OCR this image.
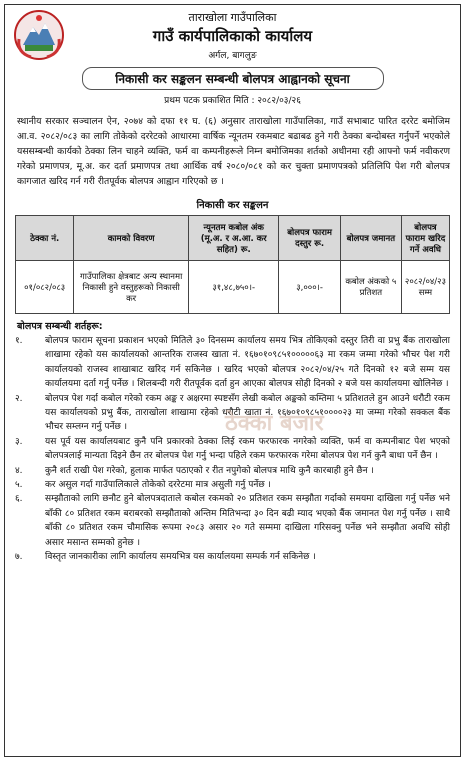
ताराखोला गाउँपालिका
गाउँ कार्यपालिकाको कार्यालय
अर्गल, बागलुङ
निकासी कर सङ्कलन सम्बन्धी बोलपत्र आह्वानको सूचना
प्रथम पटक प्रकाशित मिति : २०८२/०३/२६
स्थानीय सरकार सञ्चालन ऐन, २०७४ को दफा ११ घ. (६) अनुसार ताराखोला गाउँपालिका, गाउँ सभाबाट पारित दररेट बमोजिम आ.व. २०८२/०८३ का लागि तोकेको दररेटको आधारमा वार्षिक न्यूनतम रकमबाट बढाबढ हुने गरी ठेक्का बन्दोबस्त गर्नुपर्ने भएकोले यससम्बन्धी कार्यको ठेक्का लिन चाहने व्यक्ति, फर्म वा कम्पनीहरूले निम्न बमोजिमका शर्तको अधीनमा रही आफ्नो फर्म नवीकरण गरेको प्रमाणपत्र, मू.अ. कर दर्ता प्रमाणपत्र तथा आर्थिक वर्ष २०८०/०८१ को कर चुक्ता प्रमाणपत्रको प्रतिलिपि पेश गरी बोलपत्र कागजात खरिद गर्न गरी रीतपूर्वक बोलपत्र आह्वान गरिएको छ ।
निकासी कर सङ्कलन
ठेक्का नं.	कामको विवरण	न्यूनतम कबोल अंक (मू.अ. र अ.आ. कर सहित) रू.	बोलपत्र फाराम दस्तुर रू.	बोलपत्र जमानत	बोलपत्र फाराम खरिद गर्ने अवधि
०१/०८२/०८३	गाउँपालिका क्षेत्रबाट अन्य स्थानमा निकासी हुने वस्तुहरूको निकासी कर	३१,४८,७५०।-	३,०००।-	कबोल अंकको ५ प्रतिशत	२०८२/०४/२३ सम्म
ठेक्का बजार
बोलपत्र सम्बन्धी शर्तहरू:
१.	बोलपत्र फाराम सूचना प्रकाशन भएको मितिले ३० दिनसम्म कार्यालय समय भित्र तोकिएको दस्तुर तिरी वा प्रभु बैंक ताराखोला शाखामा रहेको यस कार्यालयको आन्तरिक राजस्व खाता नं. १६७०१०९८५१०००००६३ मा रकम जम्मा गरेको भौचर पेश गरी कार्यालयको राजस्व शाखाबाट खरिद गर्न सकिनेछ । खरिद भएको बोलपत्र २०८२/०४/२५ गते दिनको १२ बजे सम्म यस कार्यालयमा दर्ता गर्नु पर्नेछ । शिलबन्दी गरी रीतपूर्वक दर्ता हुन आएका बोलपत्र सोही दिनको २ बजे यस कार्यालयमा खोलिनेछ ।
२.	बोलपत्र पेश गर्दा कबोल गरेको रकम अङ्क र अक्षरमा स्पष्टसँग लेखी कबोल अङ्कको कम्तिमा ५ प्रतिशतले हुन आउने धरौटी रकम यस कार्यालयको प्रभु बैंक, ताराखोला शाखामा रहेको धरौटी खाता नं. १६७०१०९८५१००००२३ मा जम्मा गरेको सक्कल बैंक भौचर सम्लग्न गर्नु पर्नेछ ।
३.	यस पूर्व यस कार्यालयबाट कुनै पनि प्रकारको ठेक्का लिई रकम फरफारक नगरेको व्यक्ति, फर्म वा कम्पनीबाट पेश भएको बोलपत्रलाई मान्यता दिइने छैन तर बोलपत्र पेश गर्नु भन्दा पहिले रकम फरफारक गरेमा बोलपत्र पेश गर्न कुनै बाधा पर्ने छैन ।
४.	कुनै शर्त राखी पेश गरेको, हुलाक मार्फत पठाएको र रीत नपुगेको बोलपत्र माथि कुनै कारबाही हुने छैन ।
५.	कर असुल गर्दा गाउँपालिकाले तोकेको दररेटमा मात्र असुली गर्नु पर्नेछ ।
६.	सम्झौताको लागि छनौट हुने बोलपत्रदाताले कबोल रकमको २० प्रतिशत रकम सम्झौता गर्दाको समयमा दाखिला गर्नु पर्नेछ भने बाँकी ८० प्रतिशत रकम बराबरको सम्झौताको अन्तिम मितिभन्दा ३० दिन बढी म्याद भएको बैंक जमानत पेश गर्नु पर्नेछ । साथै बाँकी ८० प्रतिशत रकम चौमासिक रूपमा २०८३ असार २० गते सम्ममा दाखिला गरिसक्नु पर्नेछ भने सम्झौता अवधि सोही असार मसान्त सम्मको हुनेछ ।
७.	विस्तृत जानकारीका लागि कार्यालय समयभित्र यस कार्यालयमा सम्पर्क गर्न सकिनेछ ।
